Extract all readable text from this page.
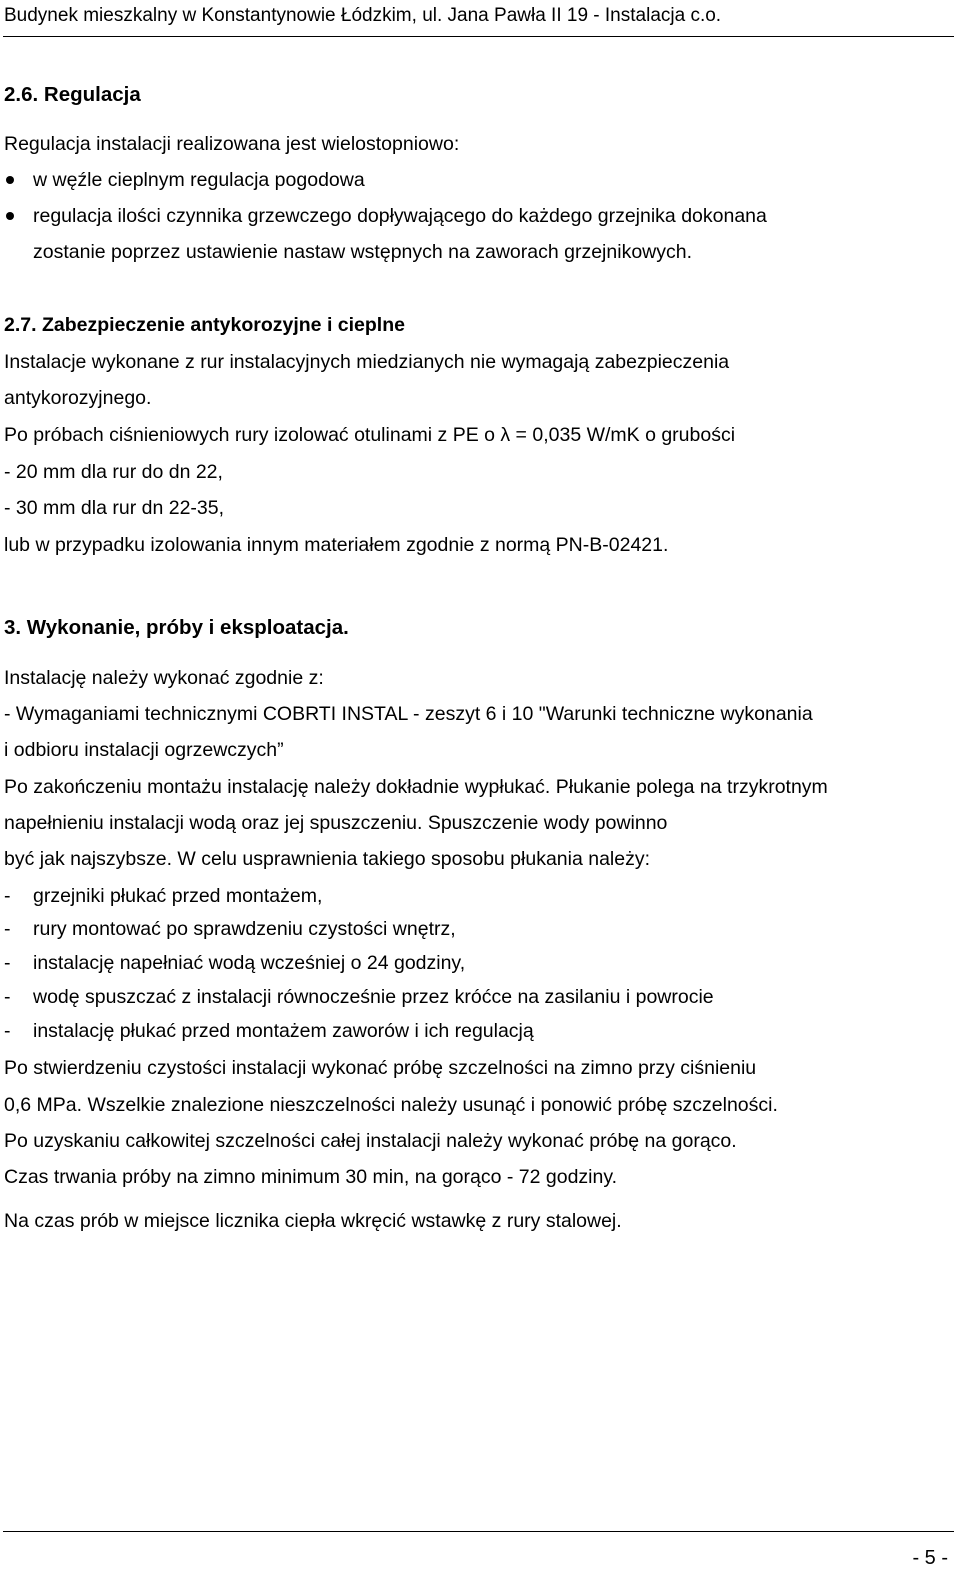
Budynek mieszkalny w Konstantynowie Łódzkim, ul. Jana Pawła II 19 - Instalacja c.o.
2.6. Regulacja
Regulacja instalacji realizowana jest wielostopniowo:
w węźle cieplnym regulacja pogodowa
regulacja ilości czynnika grzewczego dopływającego do każdego grzejnika dokonana
zostanie poprzez ustawienie nastaw wstępnych na zaworach grzejnikowych.
2.7. Zabezpieczenie antykorozyjne i cieplne
Instalacje wykonane z rur instalacyjnych miedzianych nie wymagają zabezpieczenia
antykorozyjnego.
Po próbach ciśnieniowych rury izolować otulinami z PE o λ = 0,035 W/mK o grubości
- 20 mm dla rur do dn 22,
- 30 mm dla rur dn 22-35,
lub w przypadku izolowania innym materiałem zgodnie z normą PN-B-02421.
3. Wykonanie, próby i eksploatacja.
Instalację należy wykonać zgodnie z:
- Wymaganiami technicznymi COBRTI INSTAL - zeszyt 6 i 10 "Warunki techniczne wykonania
i odbioru instalacji ogrzewczych”
Po zakończeniu montażu instalację należy dokładnie wypłukać. Płukanie polega na trzykrotnym
napełnieniu instalacji wodą oraz jej spuszczeniu. Spuszczenie wody powinno
być jak najszybsze. W celu usprawnienia takiego sposobu płukania należy:
- grzejniki płukać przed montażem,
- rury montować po sprawdzeniu czystości wnętrz,
- instalację napełniać wodą wcześniej o 24 godziny,
- wodę spuszczać z instalacji równocześnie przez króćce na zasilaniu i powrocie
- instalację płukać przed montażem zaworów i ich regulacją
Po stwierdzeniu czystości instalacji wykonać próbę szczelności na zimno przy ciśnieniu
0,6 MPa. Wszelkie znalezione nieszczelności należy usunąć i ponowić próbę szczelności.
Po uzyskaniu całkowitej szczelności całej instalacji należy wykonać próbę na gorąco.
Czas trwania próby na zimno minimum 30 min, na gorąco - 72 godziny.
Na czas prób w miejsce licznika ciepła wkręcić wstawkę z rury stalowej.
- 5 -
